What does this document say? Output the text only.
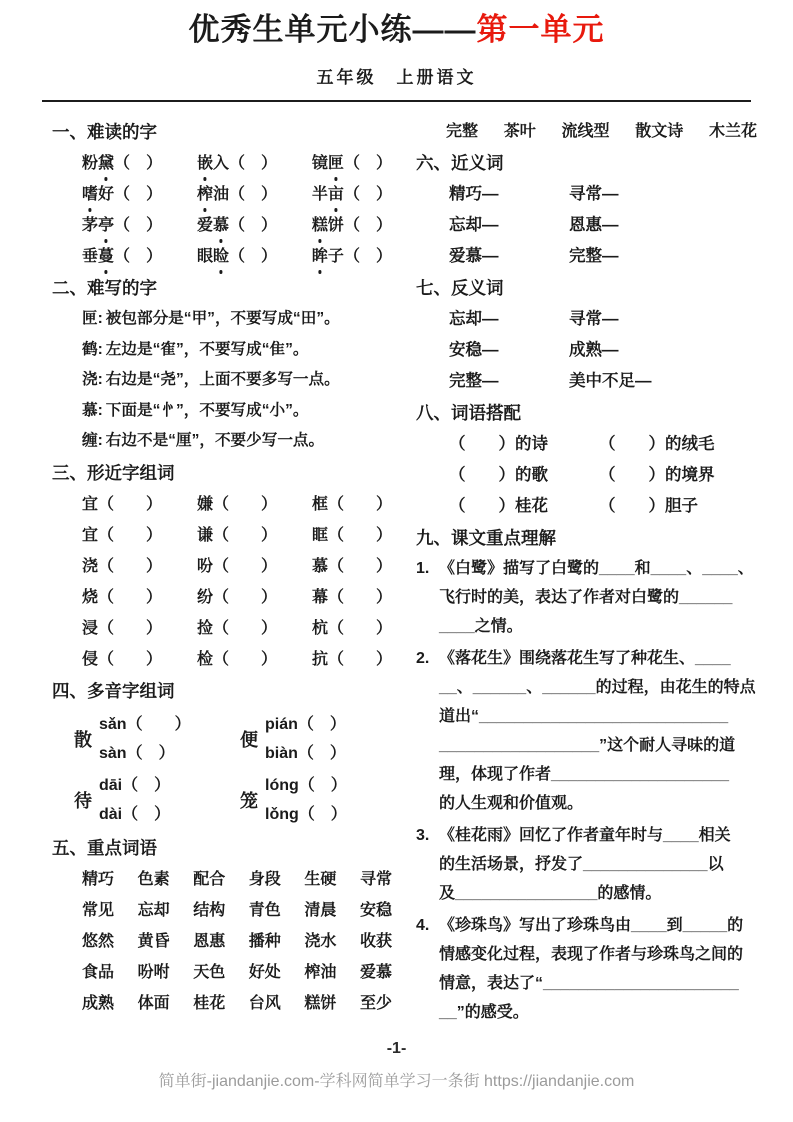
优秀生单元小练——第一单元
五年级　上册语文
一、难读的字
粉黛（　 ） 嵌入（　 ） 镜匣（　 ）
嗜好（　 ） 榨油（　 ） 半亩（　 ）
茅亭（　 ） 爱慕（　 ） 糕饼（　 ）
垂蔓（　 ） 眼睑（　 ） 眸子（　 ）
二、难写的字
匣: 被包部分是“甲”，不要写成“田”。
鹤: 左边是“隺”，不要写成“隹”。
浇: 右边是“尧”，上面不要多写一点。
慕: 下面是“㣺”，不要写成“小”。
缠: 右边不是“厘”，不要少写一点。
三、形近字组词
宜（　　） 嫌（　　） 框（　　）
宜（　　） 谦（　　） 眶（　　）
浇（　　） 吩（　　） 慕（　　）
烧（　　） 纷（　　） 幕（　　）
浸（　　） 捡（　　） 杭（　　）
侵（　　） 检（　　） 抗（　　）
四、多音字组词
散
sǎn（　　）
sàn（　）
便
pián（　）
biàn（　）
待
dāi（　）
dài（　）
笼
lóng（　）
lǒng（　）
五、重点词语
精巧 色素 配合 身段 生硬 寻常
常见 忘却 结构 青色 清晨 安稳
悠然 黄昏 恩惠 播种 浇水 收获
食品 吩咐 天色 好处 榨油 爱慕
成熟 体面 桂花 台风 糕饼 至少
完整 茶叶 流线型 散文诗 木兰花
六、近义词
精巧—	寻常—
忘却—	恩惠—
爱慕—	完整—
七、反义词
忘却—	寻常—
安稳—	成熟—
完整—	美中不足—
八、词语搭配
（　　）的诗	（　　）的绒毛
（　　）的歌	（　　）的境界
（　　）桂花	（　　）胆子
九、课文重点理解
1. 《白鹭》描写了白鹭的____和____、____、
飞行时的美，表达了作者对白鹭的______
____之情。
2. 《落花生》围绕落花生写了种花生、____
__、______、______的过程，由花生的特点
道出“____________________________
__________________”这个耐人寻味的道
理，体现了作者____________________
的人生观和价值观。
3. 《桂花雨》回忆了作者童年时与____相关
的生活场景，抒发了______________以
及________________的感情。
4. 《珍珠鸟》写出了珍珠鸟由____到_____的
情感变化过程，表现了作者与珍珠鸟之间的
情意，表达了“______________________
__”的感受。
-1-
简单街-jiandanjie.com-学科网简单学习一条街 https://jiandanjie.com
